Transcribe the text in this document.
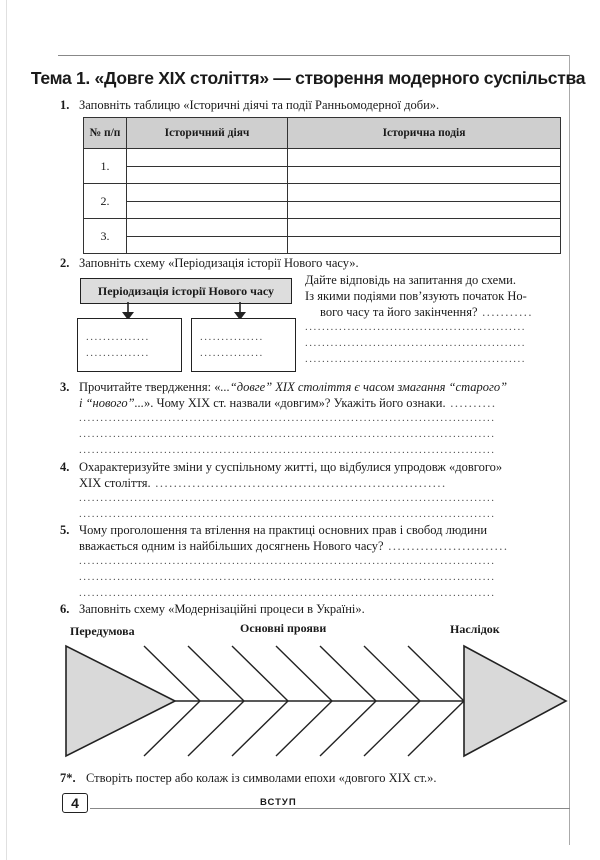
Тема 1. «Довге ХІХ століття» — створення модерного суспільства
1. Заповніть таблицю «Історичні діячі та події Ранньомодерної доби».
№ п/п	Історичний діяч	Історична подія
1.	

2.	

3.	

2. Заповніть схему «Періодизація історії Нового часу».
Періодизація історії Нового часу
...............
...............
...............
...............
Дайте відповідь на запитання до схеми.
Із якими подіями пов’язують початок Но-
вого часу та його закінчення? ...........
....................................................
....................................................
....................................................
3. Прочитайте твердження: «...“довге” ХІХ століття є часом змагання “старого”
і “нового”...». Чому ХІХ ст. назвали «довгим»? Укажіть його ознаки. ..........
..................................................................................................
..................................................................................................
..................................................................................................
4. Охарактеризуйте зміни у суспільному житті, що відбулися упродовж «довгого»
ХІХ століття. ...............................................................
..................................................................................................
..................................................................................................
5. Чому проголошення та втілення на практиці основних прав і свобод людини
вважається одним із найбільших досягнень Нового часу? ..........................
..................................................................................................
..................................................................................................
..................................................................................................
6. Заповніть схему «Модернізаційні процеси в Україні».
Передумова	Основні прояви	Наслідок
7*. Створіть постер або колаж із символами епохи «довгого ХІХ ст.».
4	ВСТУП
